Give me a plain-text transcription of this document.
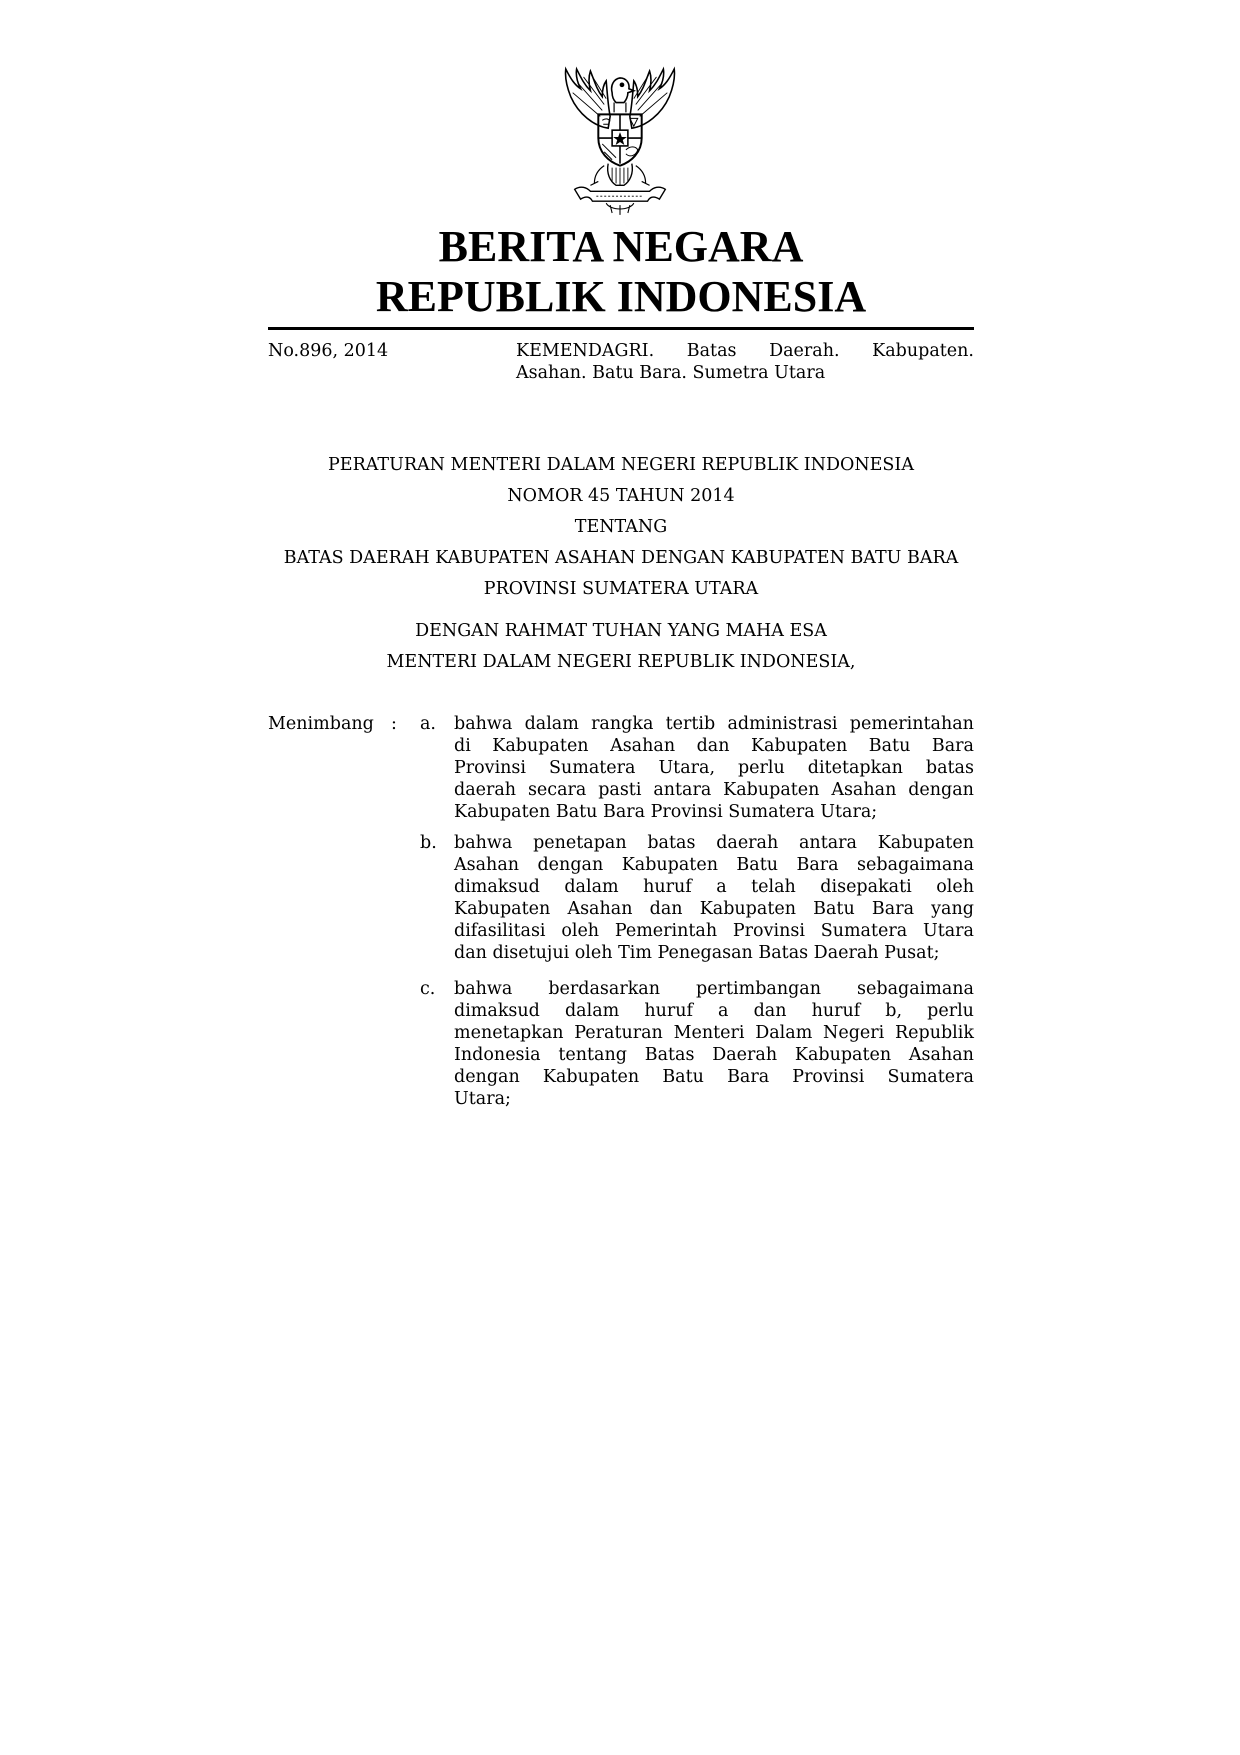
BERITA NEGARA
REPUBLIK INDONESIA
No.896, 2014	KEMENDAGRI. Batas Daerah. Kabupaten.
Asahan. Batu Bara. Sumetra Utara
PERATURAN MENTERI DALAM NEGERI REPUBLIK INDONESIA
NOMOR 45 TAHUN 2014
TENTANG
BATAS DAERAH KABUPATEN ASAHAN DENGAN KABUPATEN BATU BARA
PROVINSI SUMATERA UTARA
DENGAN RAHMAT TUHAN YANG MAHA ESA
MENTERI DALAM NEGERI REPUBLIK INDONESIA,
Menimbang : a.	bahwa dalam rangka tertib administrasi pemerintahan
di Kabupaten Asahan dan Kabupaten Batu Bara
Provinsi Sumatera Utara, perlu ditetapkan batas
daerah secara pasti antara Kabupaten Asahan dengan
Kabupaten Batu Bara Provinsi Sumatera Utara;
b. bahwa penetapan batas daerah antara Kabupaten
Asahan dengan Kabupaten Batu Bara sebagaimana
dimaksud dalam huruf a telah disepakati oleh
Kabupaten Asahan dan Kabupaten Batu Bara yang
difasilitasi oleh Pemerintah Provinsi Sumatera Utara
dan disetujui oleh Tim Penegasan Batas Daerah Pusat;
c.	bahwa berdasarkan pertimbangan sebagaimana
dimaksud dalam huruf a dan huruf b, perlu
menetapkan Peraturan Menteri Dalam Negeri Republik
Indonesia tentang Batas Daerah Kabupaten Asahan
dengan Kabupaten Batu Bara Provinsi Sumatera
Utara;
